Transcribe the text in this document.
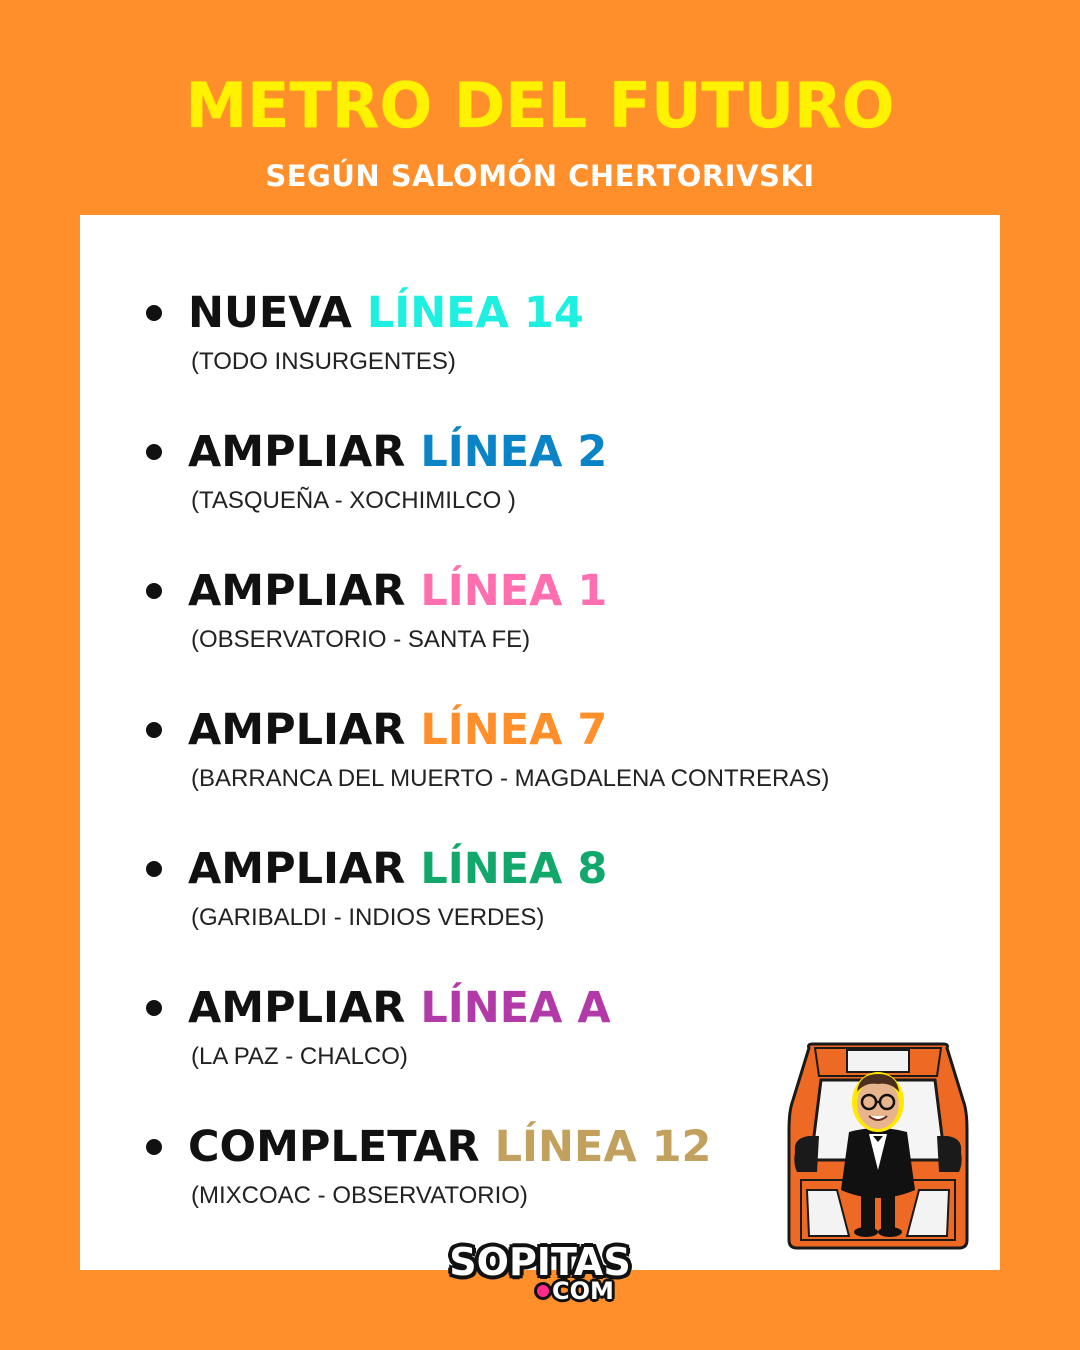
METRO DEL FUTURO
SEGÚN SALOMÓN CHERTORIVSKI
NUEVA LÍNEA 14
(TODO INSURGENTES)
AMPLIAR LÍNEA 2
(TASQUEÑA - XOCHIMILCO )
AMPLIAR LÍNEA 1
(OBSERVATORIO - SANTA FE)
AMPLIAR LÍNEA 7
(BARRANCA DEL MUERTO - MAGDALENA CONTRERAS)
AMPLIAR LÍNEA 8
(GARIBALDI - INDIOS VERDES)
AMPLIAR LÍNEA A
(LA PAZ - CHALCO)
COMPLETAR LÍNEA 12
(MIXCOAC - OBSERVATORIO)
SOPITAS
COM
